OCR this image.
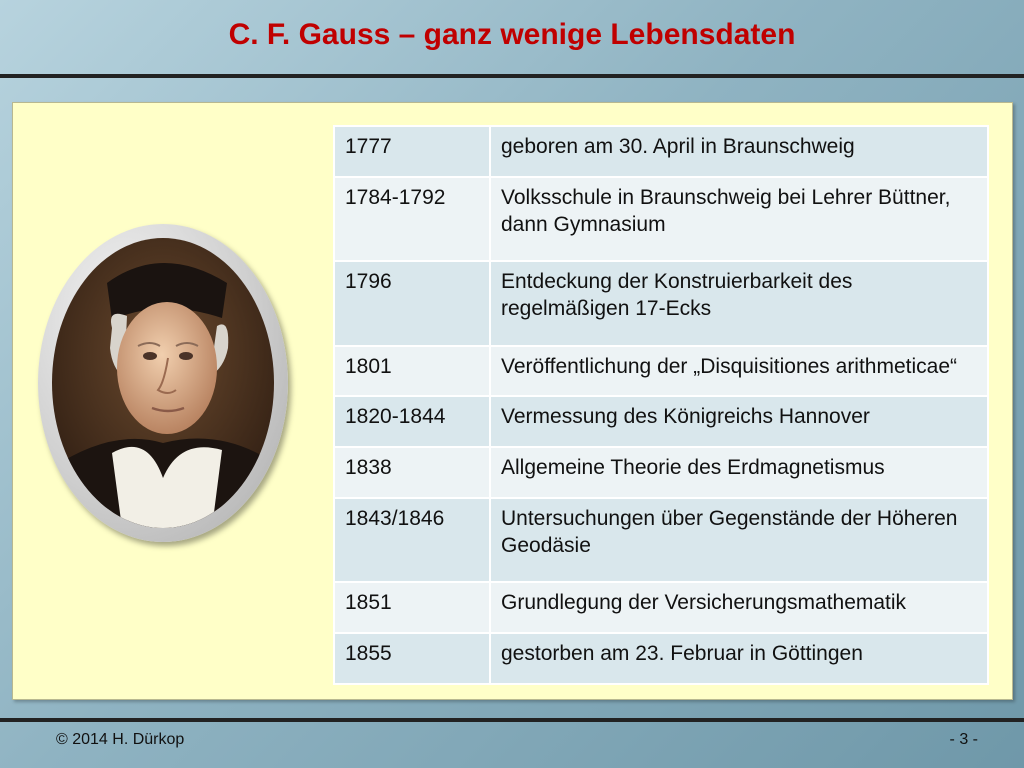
C. F. Gauss – ganz wenige Lebensdaten
1777	geboren am 30. April in Braunschweig
1784-1792	Volksschule in Braunschweig bei Lehrer Büttner, dann Gymnasium
1796	Entdeckung der Konstruierbarkeit des regelmäßigen 17-Ecks
1801	Veröffentlichung der „Disquisitiones arithmeticae“
1820-1844	Vermessung des Königreichs Hannover
1838	Allgemeine Theorie des Erdmagnetismus
1843/1846	Untersuchungen über Gegenstände der Höheren Geodäsie
1851	Grundlegung der Versicherungsmathematik
1855	gestorben am 23. Februar in Göttingen
© 2014 H. Dürkop	- 3 -
